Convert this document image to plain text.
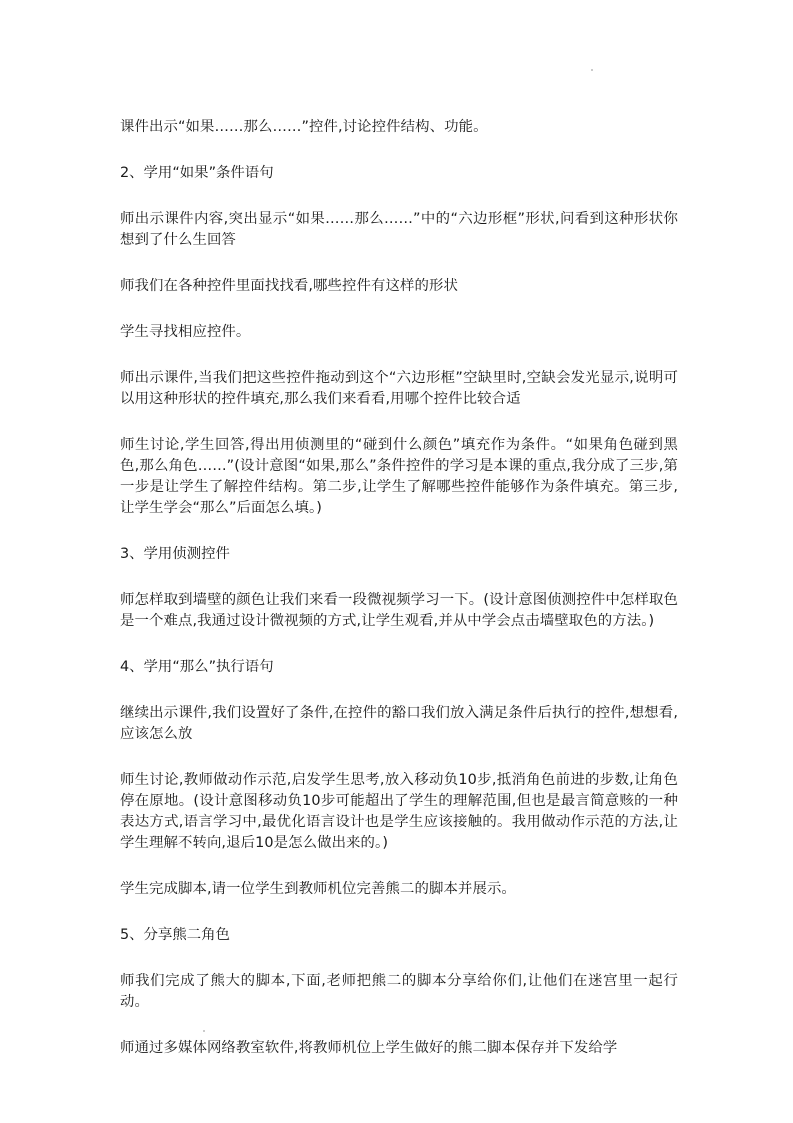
课件出示“如果……那么……”控件,讨论控件结构、功能。

2、学用“如果”条件语句

师出示课件内容,突出显示“如果……那么……”中的“六边形框”形状,问看到这种形状你想到了什么生回答

师我们在各种控件里面找找看,哪些控件有这样的形状

学生寻找相应控件。

师出示课件,当我们把这些控件拖动到这个“六边形框”空缺里时,空缺会发光显示,说明可以用这种形状的控件填充,那么我们来看看,用哪个控件比较合适

师生讨论,学生回答,得出用侦测里的“碰到什么颜色”填充作为条件。“如果角色碰到黑色,那么角色……”(设计意图“如果,那么”条件控件的学习是本课的重点,我分成了三步,第一步是让学生了解控件结构。第二步,让学生了解哪些控件能够作为条件填充。第三步,让学生学会“那么”后面怎么填。)

3、学用侦测控件

师怎样取到墙壁的颜色让我们来看一段微视频学习一下。(设计意图侦测控件中怎样取色是一个难点,我通过设计微视频的方式,让学生观看,并从中学会点击墙壁取色的方法。)

4、学用“那么”执行语句

继续出示课件,我们设置好了条件,在控件的豁口我们放入满足条件后执行的控件,想想看,应该怎么放

师生讨论,教师做动作示范,启发学生思考,放入移动负10步,抵消角色前进的步数,让角色停在原地。(设计意图移动负10步可能超出了学生的理解范围,但也是最言简意赅的一种表达方式,语言学习中,最优化语言设计也是学生应该接触的。我用做动作示范的方法,让学生理解不转向,退后10是怎么做出来的。)

学生完成脚本,请一位学生到教师机位完善熊二的脚本并展示。

5、分享熊二角色

师我们完成了熊大的脚本,下面,老师把熊二的脚本分享给你们,让他们在迷宫里一起行动。

师通过多媒体网络教室软件,将教师机位上学生做好的熊二脚本保存并下发给学
